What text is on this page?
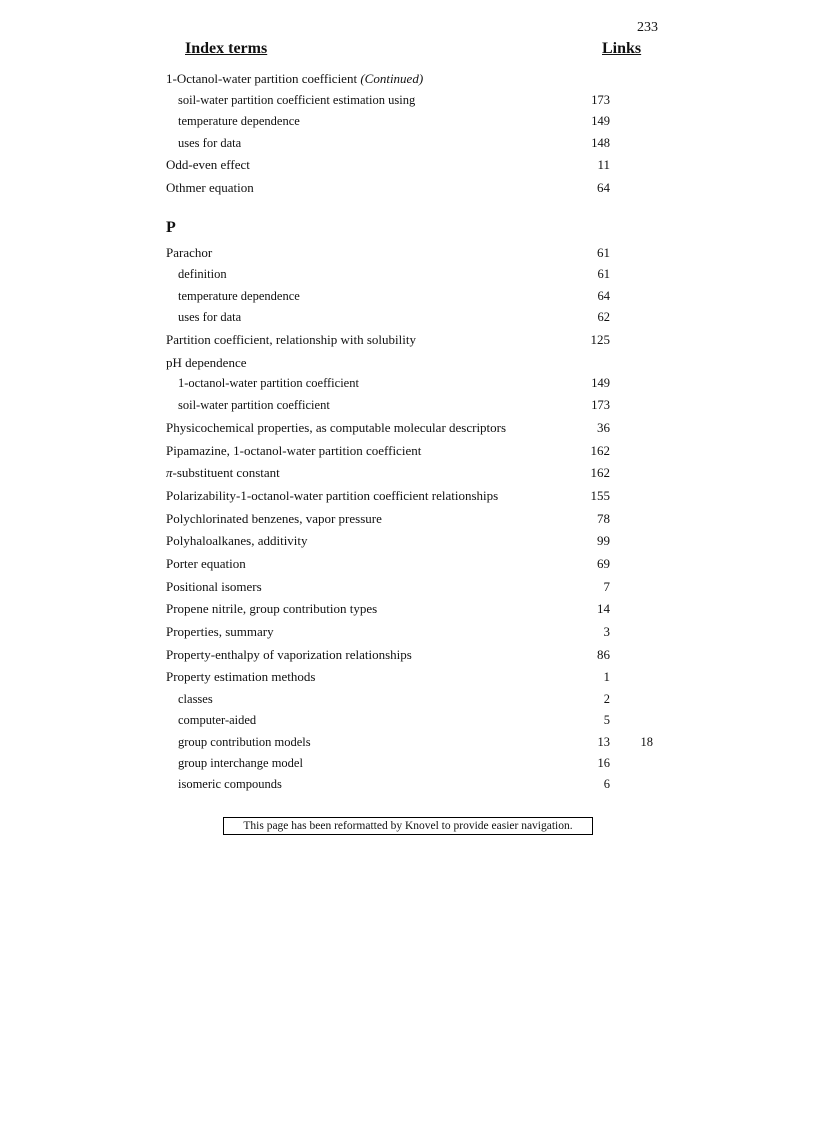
233
Index terms	Links
1-Octanol-water partition coefficient (Continued)
soil-water partition coefficient estimation using	173
temperature dependence	149
uses for data	148
Odd-even effect	11
Othmer equation	64
P
Parachor	61
definition	61
temperature dependence	64
uses for data	62
Partition coefficient, relationship with solubility	125
pH dependence
1-octanol-water partition coefficient	149
soil-water partition coefficient	173
Physicochemical properties, as computable molecular descriptors	36
Pipamazine, 1-octanol-water partition coefficient	162
π-substituent constant	162
Polarizability-1-octanol-water partition coefficient relationships	155
Polychlorinated benzenes, vapor pressure	78
Polyhaloalkanes, additivity	99
Porter equation	69
Positional isomers	7
Propene nitrile, group contribution types	14
Properties, summary	3
Property-enthalpy of vaporization relationships	86
Property estimation methods	1
classes	2
computer-aided	5
group contribution models	13 18
group interchange model	16
isomeric compounds	6
This page has been reformatted by Knovel to provide easier navigation.
